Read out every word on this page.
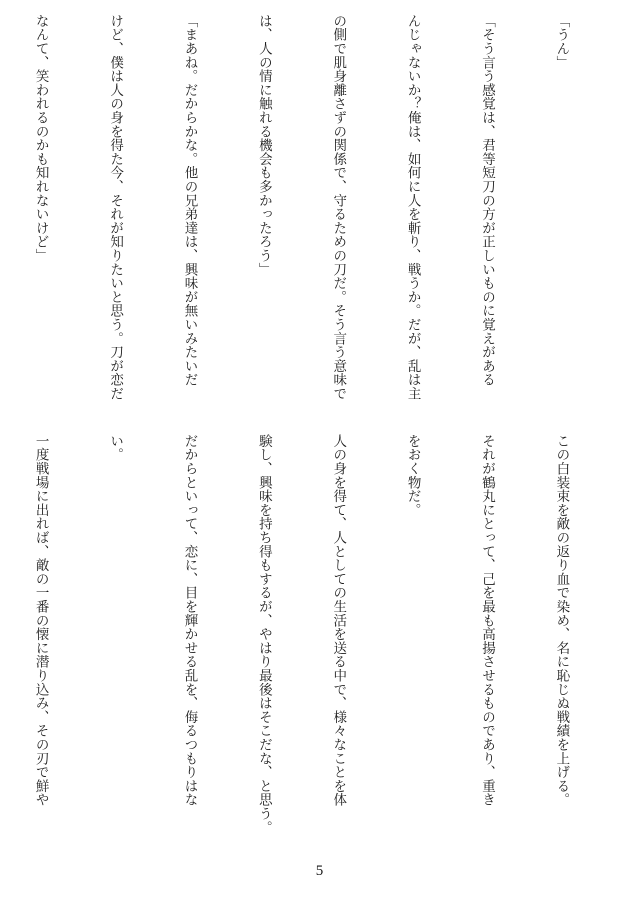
「うん」

「そう言う感覚は、君等短刀の方が正しいものに覚えがある

んじゃないか？俺は、如何に人を斬り、戦うか。だが、乱は主

の側で肌身離さずの関係で、守るための刀だ。そう言う意味で

は、人の情に触れる機会も多かったろう」

「まあね。だからかな。他の兄弟達は、興味が無いみたいだ

けど、僕は人の身を得た今、それが知りたいと思う。刀が恋だ

なんて、笑われるのかも知れないけど」

この白装束を敵の返り血で染め、名に恥じぬ戦績を上げる。

それが鶴丸にとって、己を最も高揚させるものであり、重き

をおく物だ。

人の身を得て、人としての生活を送る中で、様々なことを体

験し、興味を持ち得もするが、やはり最後はそこだな、と思う。

だからといって、恋に、目を輝かせる乱を、侮るつもりはな

い。

一度戦場に出れば、敵の一番の懐に潜り込み、その刃で鮮や

5
